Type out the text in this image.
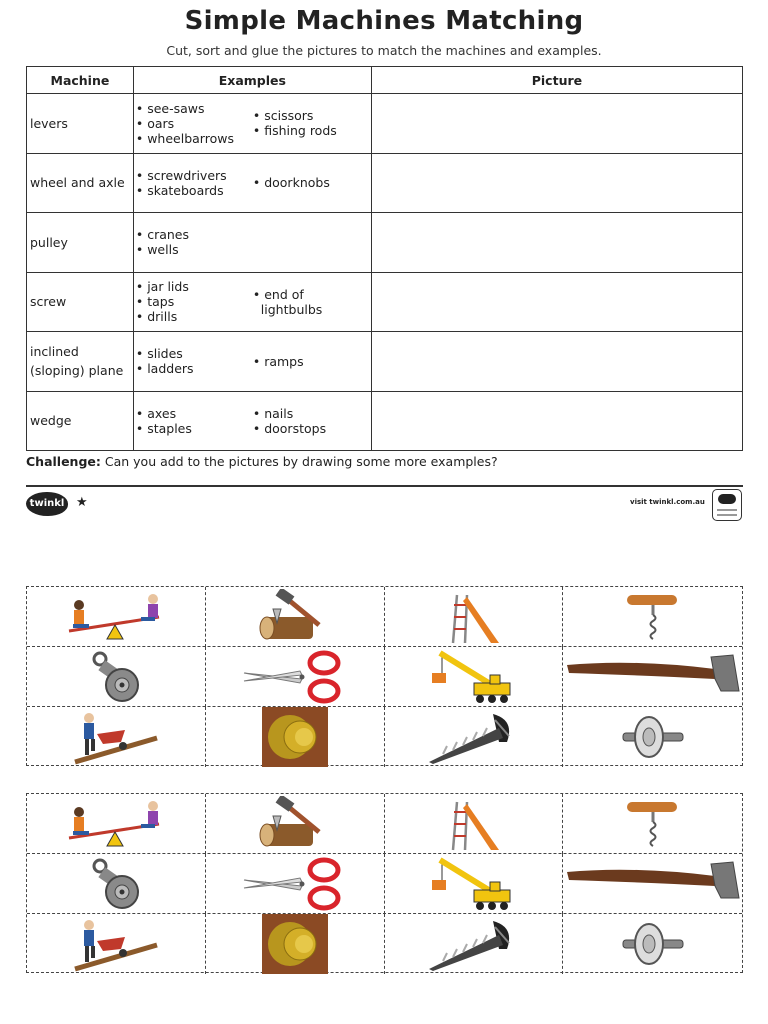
Simple Machines Matching
Cut, sort and glue the pictures to match the machines and examples.
Machine	Examples	Picture
levers	• see-saws
• oars
• wheelbarrows
• scissors
• fishing rods	

wheel and axle	• screwdrivers
• skateboards • doorknobs	

pulley	• cranes
• wells	

screw	• jar lids
• taps
• drills
• end of
lightbulbs	

inclined (sloping) plane	• slides
• ladders • ramps	

wedge	• axes
• staples
• nails
• doorstops	

Challenge: Can you add to the pictures by drawing some more examples?
twinkl ★	visit twinkl.com.au
